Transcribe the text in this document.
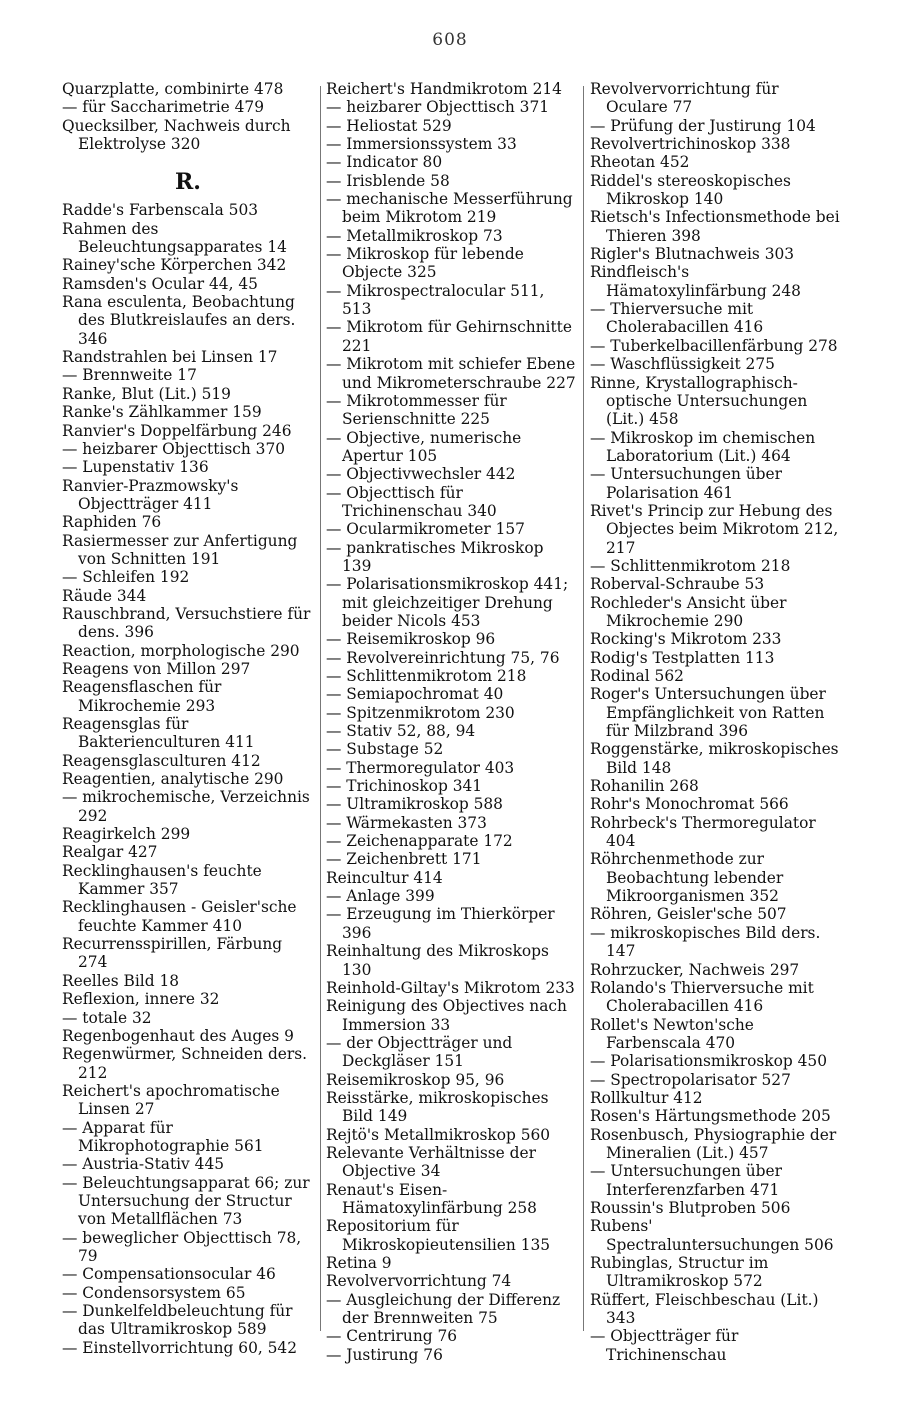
608
Quarzplatte, combinirte 478
— für Saccharimetrie 479
Quecksilber, Nachweis durch Elektrolyse 320
R.
Radde's Farbenscala 503
Rahmen des Beleuchtungsapparates 14
Rainey'sche Körperchen 342
Ramsden's Ocular 44, 45
Rana esculenta, Beobachtung des Blutkreislaufes an ders. 346
Randstrahlen bei Linsen 17
— Brennweite 17
Ranke, Blut (Lit.) 519
Ranke's Zählkammer 159
Ranvier's Doppelfärbung 246
— heizbarer Objecttisch 370
— Lupenstativ 136
Ranvier-Prazmowsky's Objectträger 411
Raphiden 76
Rasiermesser zur Anfertigung von Schnitten 191
— Schleifen 192
Räude 344
Rauschbrand, Versuchstiere für dens. 396
Reaction, morphologische 290
Reagens von Millon 297
Reagensflaschen für Mikrochemie 293
Reagensglas für Bakterienculturen 411
Reagensglasculturen 412
Reagentien, analytische 290
— mikrochemische, Verzeichnis 292
Reagirkelch 299
Realgar 427
Recklinghausen's feuchte Kammer 357
Recklinghausen - Geisler'sche feuchte Kammer 410
Recurrensspirillen, Färbung 274
Reelles Bild 18
Reflexion, innere 32
— totale 32
Regenbogenhaut des Auges 9
Regenwürmer, Schneiden ders. 212
Reichert's apochromatische Linsen 27
— Apparat für Mikrophotographie 561
— Austria-Stativ 445
— Beleuchtungsapparat 66; zur Untersuchung der Structur von Metallflächen 73
— beweglicher Objecttisch 78, 79
— Compensationsocular 46
— Condensorsystem 65
— Dunkelfeldbeleuchtung für das Ultramikroskop 589
— Einstellvorrichtung 60, 542
Reichert's Handmikrotom 214
— heizbarer Objecttisch 371
— Heliostat 529
— Immersionssystem 33
— Indicator 80
— Irisblende 58
— mechanische Messerführung beim Mikrotom 219
— Metallmikroskop 73
— Mikroskop für lebende Objecte 325
— Mikrospectralocular 511, 513
— Mikrotom für Gehirnschnitte 221
— Mikrotom mit schiefer Ebene und Mikrometerschraube 227
— Mikrotommesser für Serienschnitte 225
— Objective, numerische Apertur 105
— Objectivwechsler 442
— Objecttisch für Trichinenschau 340
— Ocularmikrometer 157
— pankratisches Mikroskop 139
— Polarisationsmikroskop 441; mit gleichzeitiger Drehung beider Nicols 453
— Reisemikroskop 96
— Revolvereinrichtung 75, 76
— Schlittenmikrotom 218
— Semiapochromat 40
— Spitzenmikrotom 230
— Stativ 52, 88, 94
— Substage 52
— Thermoregulator 403
— Trichinoskop 341
— Ultramikroskop 588
— Wärmekasten 373
— Zeichenapparate 172
— Zeichenbrett 171
Reincultur 414
— Anlage 399
— Erzeugung im Thierkörper 396
Reinhaltung des Mikroskops 130
Reinhold-Giltay's Mikrotom 233
Reinigung des Objectives nach Immersion 33
— der Objectträger und Deckgläser 151
Reisemikroskop 95, 96
Reisstärke, mikroskopisches Bild 149
Rejtö's Metallmikroskop 560
Relevante Verhältnisse der Objective 34
Renaut's Eisen-Hämatoxylinfärbung 258
Repositorium für Mikroskopieutensilien 135
Retina 9
Revolvervorrichtung 74
— Ausgleichung der Differenz der Brennweiten 75
— Centrirung 76
— Justirung 76
Revolvervorrichtung für Oculare 77
— Prüfung der Justirung 104
Revolvertrichinoskop 338
Rheotan 452
Riddel's stereoskopisches Mikroskop 140
Rietsch's Infectionsmethode bei Thieren 398
Rigler's Blutnachweis 303
Rindfleisch's Hämatoxylinfärbung 248
— Thierversuche mit Cholerabacillen 416
— Tuberkelbacillenfärbung 278
— Waschflüssigkeit 275
Rinne, Krystallographisch-optische Untersuchungen (Lit.) 458
— Mikroskop im chemischen Laboratorium (Lit.) 464
— Untersuchungen über Polarisation 461
Rivet's Princip zur Hebung des Objectes beim Mikrotom 212, 217
— Schlittenmikrotom 218
Roberval-Schraube 53
Rochleder's Ansicht über Mikrochemie 290
Rocking's Mikrotom 233
Rodig's Testplatten 113
Rodinal 562
Roger's Untersuchungen über Empfänglichkeit von Ratten für Milzbrand 396
Roggenstärke, mikroskopisches Bild 148
Rohanilin 268
Rohr's Monochromat 566
Rohrbeck's Thermoregulator 404
Röhrchenmethode zur Beobachtung lebender Mikroorganismen 352
Röhren, Geisler'sche 507
— mikroskopisches Bild ders. 147
Rohrzucker, Nachweis 297
Rolando's Thierversuche mit Cholerabacillen 416
Rollet's Newton'sche Farbenscala 470
— Polarisationsmikroskop 450
— Spectropolarisator 527
Rollkultur 412
Rosen's Härtungsmethode 205
Rosenbusch, Physiographie der Mineralien (Lit.) 457
— Untersuchungen über Interferenzfarben 471
Roussin's Blutproben 506
Rubens' Spectraluntersuchungen 506
Rubinglas, Structur im Ultramikroskop 572
Rüffert, Fleischbeschau (Lit.) 343
— Objectträger für Trichinenschau
